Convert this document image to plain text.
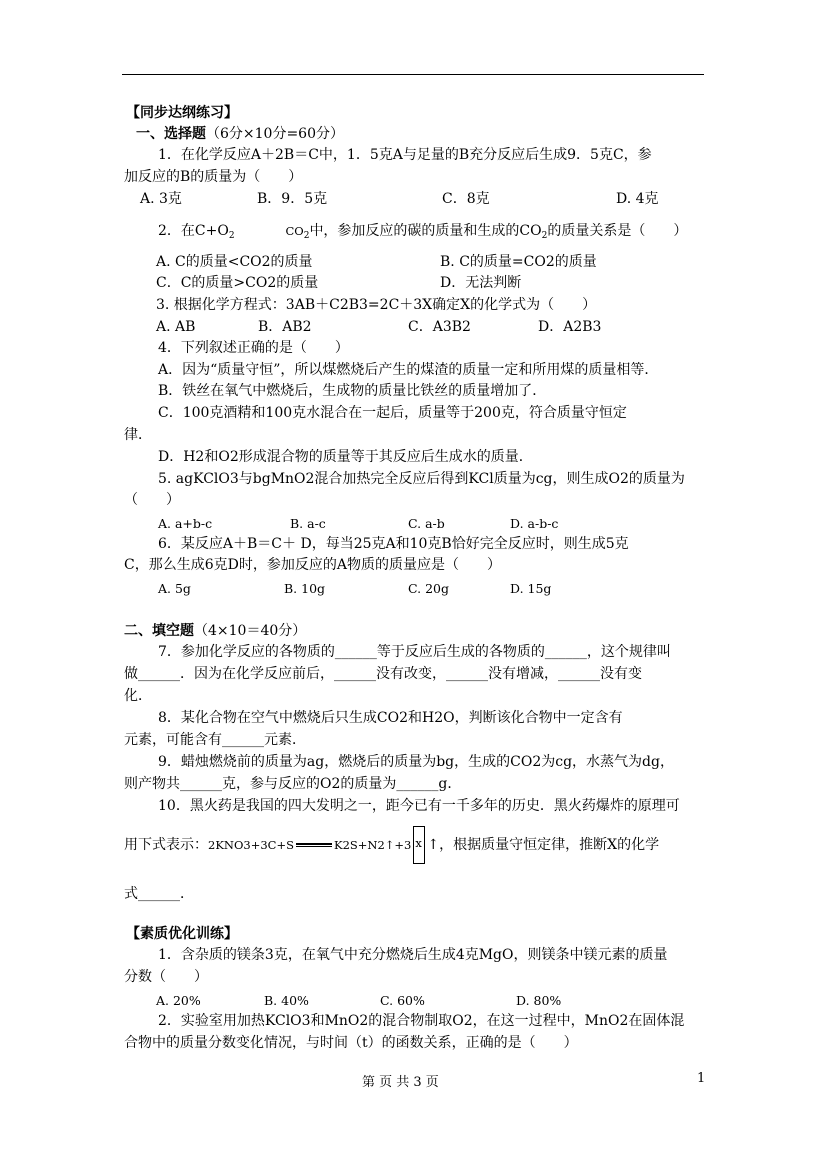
【同步达纲练习】
一、选择题（6分×10分=60分）
1．在化学反应A＋2B＝C中，1．5克A与足量的B充分反应后生成9．5克C，参
加反应的B的质量为（　　）
A. 3克	B．9．5克	C．8克	D. 4克
2．在$C+O_2$	$CO_2$中，参加反应的碳的质量和生成的$CO_2$的质量关系是（　　）
A. C的质量<CO2的质量	B. C的质量=CO2的质量
C．C的质量>CO2的质量	D．无法判断
3. 根据化学方程式：3AB＋C2B3=2C＋3X确定X的化学式为（　　）
A. AB	B．AB2	C．A3B2	D．A2B3
4．下列叙述正确的是（　　）
A．因为“质量守恒”，所以煤燃烧后产生的煤渣的质量一定和所用煤的质量相等．
B．铁丝在氧气中燃烧后，生成物的质量比铁丝的质量增加了．
C．100克酒精和100克水混合在一起后，质量等于200克，符合质量守恒定
律．
D．H2和O2形成混合物的质量等于其反应后生成水的质量．
5. agKClO3与bgMnO2混合加热完全反应后得到KCl质量为cg，则生成O2的质量为
（　　）
A. a+b-c	B. a-c	C. a-b	D. a-b-c
6．某反应A＋B＝C＋ D，每当25克A和10克B恰好完全反应时，则生成5克
C，那么生成6克D时，参加反应的A物质的质量应是（　　）
A. 5g	B. 10g	C. 20g	D. 15g
二、填空题（4×10＝40分）
7．参加化学反应的各物质的______等于反应后生成的各物质的______，这个规律叫
做______．因为在化学反应前后，______没有改变，______没有增减，______没有变
化．
8．某化合物在空气中燃烧后只生成CO2和H2O，判断该化合物中一定含有
元素，可能含有______元素．
9．蜡烛燃烧前的质量为ag，燃烧后的质量为bg，生成的CO2为cg，水蒸气为dg，
则产物共______克，参与反应的O2的质量为______g．
10．黑火药是我国的四大发明之一，距今已有一千多年的历史．黑火药爆炸的原理可
用下式表示：2KNO3+3C+S	K2S+N2↑+3 $_x$ ↑，根据质量守恒定律，推断X的化学
式______．
【素质优化训练】
1．含杂质的镁条3克，在氧气中充分燃烧后生成4克MgO，则镁条中镁元素的质量
分数（　　）
A. 20%	B. 40%	C. 60%	D. 80%
2．实验室用加热KClO3和MnO2的混合物制取O2，在这一过程中，MnO2在固体混
合物中的质量分数变化情况，与时间（t）的函数关系，正确的是（　　）
第 页 共 3 页	1
